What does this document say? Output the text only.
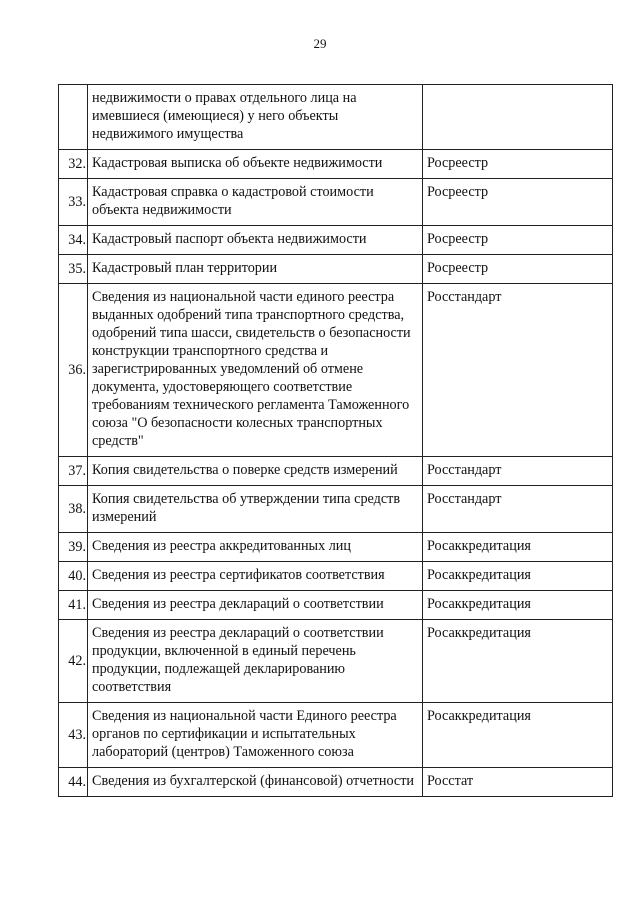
29
	недвижимости о правах отдельного лица на имевшиеся (имеющиеся) у него объекты недвижимого имущества	
32.	Кадастровая выписка об объекте недвижимости	Росреестр
33.	Кадастровая справка о кадастровой стоимости объекта недвижимости	Росреестр
34.	Кадастровый паспорт объекта недвижимости	Росреестр
35.	Кадастровый план территории	Росреестр
36.	Сведения из национальной части единого реестра выданных одобрений типа транспортного средства, одобрений типа шасси, свидетельств о безопасности конструкции транспортного средства и зарегистрированных уведомлений об отмене документа, удостоверяющего соответствие требованиям технического регламента Таможенного союза "О безопасности колесных транспортных средств"	Росстандарт
37.	Копия свидетельства о поверке средств измерений	Росстандарт
38.	Копия свидетельства об утверждении типа средств измерений	Росстандарт
39.	Сведения из реестра аккредитованных лиц	Росаккредитация
40.	Сведения из реестра сертификатов соответствия	Росаккредитация
41.	Сведения из реестра деклараций о соответствии	Росаккредитация
42.	Сведения из реестра деклараций о соответствии продукции, включенной в единый перечень продукции, подлежащей декларированию соответствия	Росаккредитация
43.	Сведения из национальной части Единого реестра органов по сертификации и испытательных лабораторий (центров) Таможенного союза	Росаккредитация
44.	Сведения из бухгалтерской (финансовой) отчетности	Росстат
